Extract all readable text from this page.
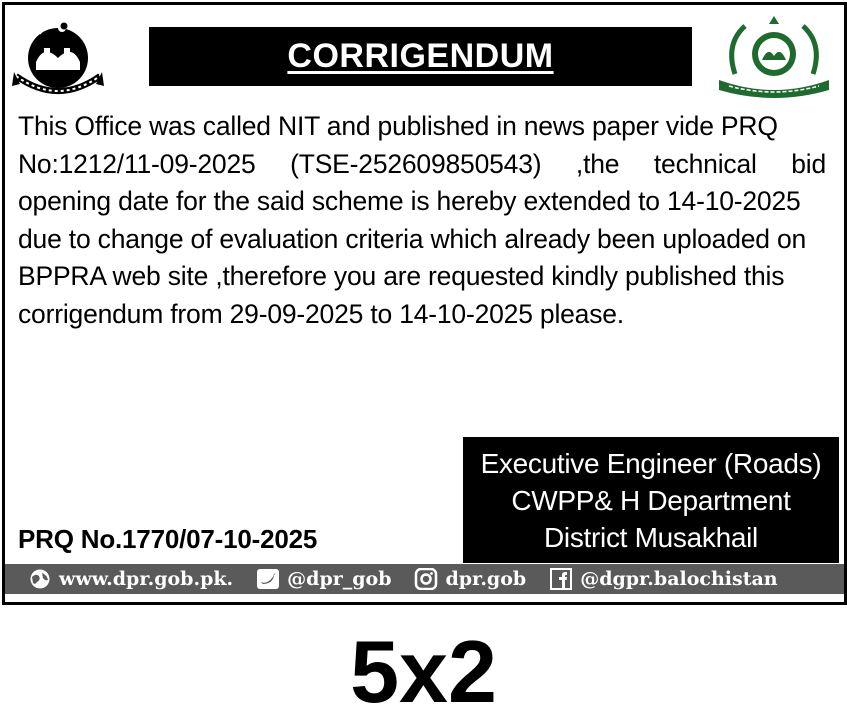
CORRIGENDUM
This Office was called NIT and published in news paper vide PRQ
No:1212/11-09-2025 (TSE-252609850543) ,the technical bid
opening date for the said scheme is hereby extended to 14-10-2025
due to change of evaluation criteria which already been uploaded on
BPPRA web site ,therefore you are requested kindly published this
corrigendum from 29-09-2025 to 14-10-2025 please.
Executive Engineer (Roads)
CWPP& H Department
District Musakhail
PRQ No.1770/07-10-2025
www.dpr.gob.pk.	@dpr_gob	dpr.gob	@dgpr.balochistan
5x2
